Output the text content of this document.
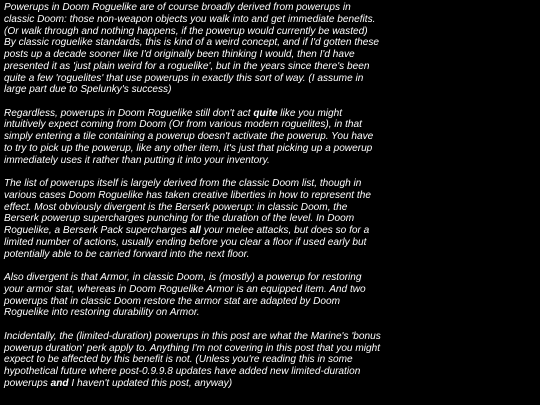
Powerups in Doom Roguelike are of course broadly derived from powerups in
classic Doom: those non-weapon objects you walk into and get immediate benefits.
(Or walk through and nothing happens, if the powerup would currently be wasted)
By classic roguelike standards, this is kind of a weird concept, and if I'd gotten these
posts up a decade sooner like I'd originally been thinking I would, then I'd have
presented it as 'just plain weird for a roguelike', but in the years since there's been
quite a few 'roguelites' that use powerups in exactly this sort of way. (I assume in
large part due to Spelunky's success)

Regardless, powerups in Doom Roguelike still don't act quite like you might
intuitively expect coming from Doom (Or from various modern roguelites), in that
simply entering a tile containing a powerup doesn't activate the powerup. You have
to try to pick up the powerup, like any other item, it's just that picking up a powerup
immediately uses it rather than putting it into your inventory.

The list of powerups itself is largely derived from the classic Doom list, though in
various cases Doom Roguelike has taken creative liberties in how to represent the
effect. Most obviously divergent is the Berserk powerup: in classic Doom, the
Berserk powerup supercharges punching for the duration of the level. In Doom
Roguelike, a Berserk Pack supercharges all your melee attacks, but does so for a
limited number of actions, usually ending before you clear a floor if used early but
potentially able to be carried forward into the next floor.

Also divergent is that Armor, in classic Doom, is (mostly) a powerup for restoring
your armor stat, whereas in Doom Roguelike Armor is an equipped item. And two
powerups that in classic Doom restore the armor stat are adapted by Doom
Roguelike into restoring durability on Armor.

Incidentally, the (limited-duration) powerups in this post are what the Marine's 'bonus
powerup duration' perk apply to. Anything I'm not covering in this post that you might
expect to be affected by this benefit is not. (Unless you're reading this in some
hypothetical future where post-0.9.9.8 updates have added new limited-duration
powerups and I haven't updated this post, anyway)
